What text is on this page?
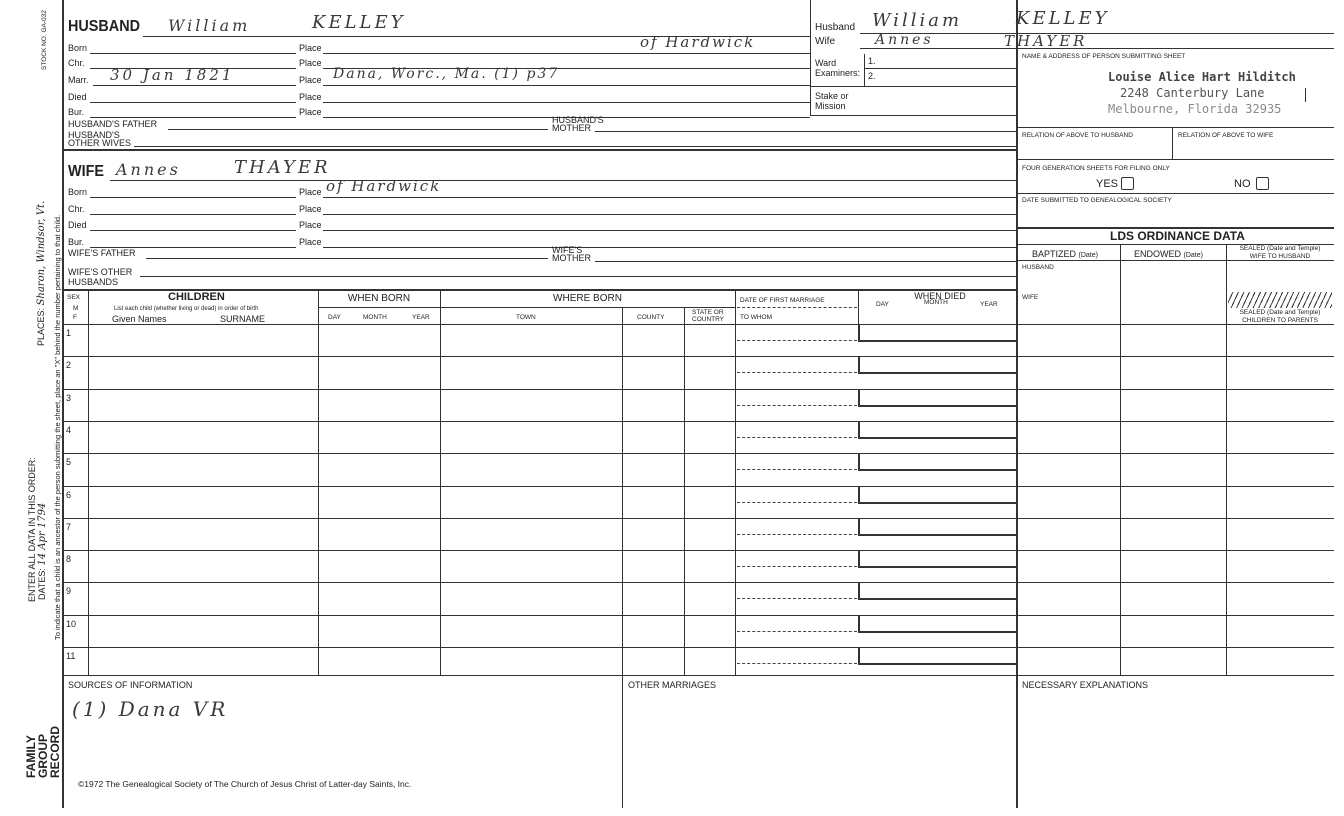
STOCK NO. GA-032
PLACES: Sharon, Windsor, Vt.
ENTER ALL DATA IN THIS ORDER: DATES: 14 Apr 1794 To indicate that a child is an ancestor of the person submitting the sheet, place an "X" behind the number pertaining to that child.
FAMILY
GROUP
RECORD
HUSBAND William	KELLEY
Born	Place	of Hardwick
Chr.	Place
Marr. 30 Jan 1821	Place Dana, Worc., Ma. (1) p37
Died	Place
Bur.	Place
HUSBAND'S FATHER	HUSBAND'S
MOTHER
HUSBAND'S
OTHER WIVES
WIFE Annes	THAYER
Born	Place of Hardwick
Chr.	Place
Died	Place
Bur.	Place
WIFE'S FATHER	WIFE'S
MOTHER
WIFE'S OTHER
HUSBANDS
Husband William
Wife	Annes
Ward
Examiners:
1.
2.
Stake or
Mission
KELLEY
THAYER
NAME & ADDRESS OF PERSON SUBMITTING SHEET
Louise Alice Hart Hilditch
2248 Canterbury Lane
Melbourne, Florida 32935
RELATION OF ABOVE TO HUSBAND	RELATION OF ABOVE TO WIFE
FOUR GENERATION SHEETS FOR FILING ONLY
YES	NO
DATE SUBMITTED TO GENEALOGICAL SOCIETY
LDS ORDINANCE DATA
BAPTIZED (Date)	ENDOWED (Date)
SEALED (Date and Temple)
WIFE TO HUSBAND
HUSBAND
WIFE
SEALED (Date and Temple)
CHILDREN TO PARENTS
SEX
M
F
CHILDREN
List each child (whether living or dead) in order of birth
Given Names	SURNAME
WHEN BORN
DAY	MONTH	YEAR
WHERE BORN
TOWN	COUNTY
STATE OR
COUNTRY
DATE OF FIRST MARRIAGE
TO WHOM
WHEN DIED
DAY	MONTH	YEAR
1
2
3
4
5
6
7
8
9
10
11
SOURCES OF INFORMATION
(1) Dana VR
OTHER MARRIAGES	NECESSARY EXPLANATIONS
©1972 The Genealogical Society of The Church of Jesus Christ of Latter-day Saints, Inc.
